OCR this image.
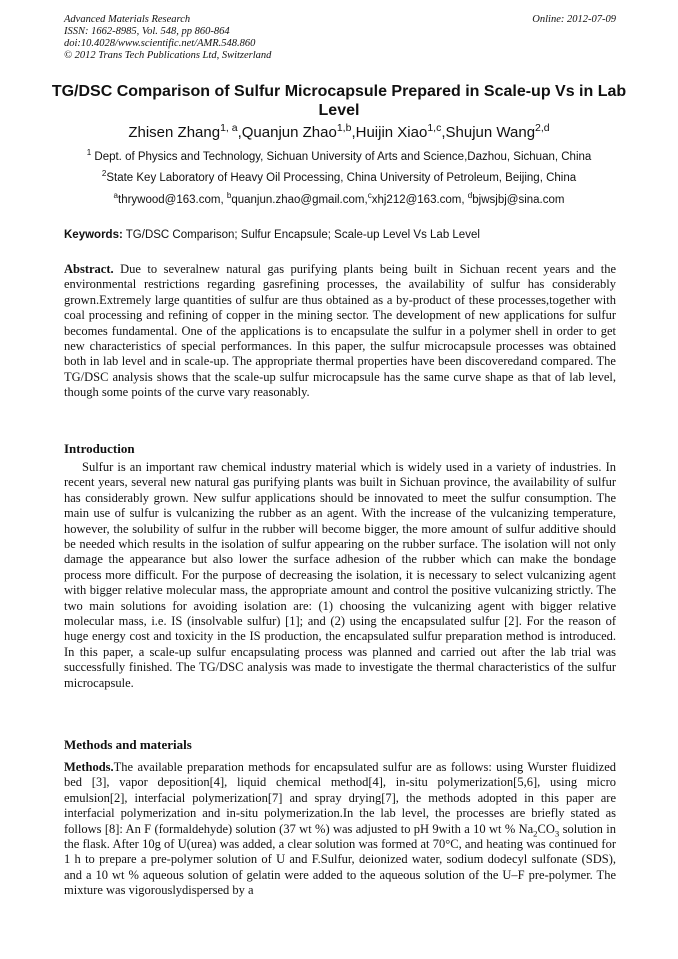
Advanced Materials Research
ISSN: 1662-8985, Vol. 548, pp 860-864
doi:10.4028/www.scientific.net/AMR.548.860
© 2012 Trans Tech Publications Ltd, Switzerland
Online: 2012-07-09
TG/DSC Comparison of Sulfur Microcapsule Prepared in Scale-up Vs in Lab Level
Zhisen Zhang$^{1, a}$,Quanjun Zhao$^{1,b}$,Huijin Xiao$^{1,c}$,Shujun Wang$^{2,d}$
$^1$ Dept. of Physics and Technology, Sichuan University of Arts and Science,Dazhou, Sichuan, China
$^2$State Key Laboratory of Heavy Oil Processing, China University of Petroleum, Beijing, China
$^a$thrywood@163.com, $^b$quanjun.zhao@gmail.com,$^c$xhj212@163.com, $^d$bjwsjbj@sina.com
Keywords: TG/DSC Comparison; Sulfur Encapsule; Scale-up Level Vs Lab Level

Abstract. Due to severalnew natural gas purifying plants being built in Sichuan recent years and the environmental restrictions regarding gasrefining processes, the availability of sulfur has considerably grown.Extremely large quantities of sulfur are thus obtained as a by-product of these processes,together with coal processing and refining of copper in the mining sector. The development of new applications for sulfur becomes fundamental. One of the applications is to encapsulate the sulfur in a polymer shell in order to get new characteristics of special performances. In this paper, the sulfur microcapsule processes was obtained both in lab level and in scale-up. The appropriate thermal properties have been discoveredand compared. The TG/DSC analysis shows that the scale-up sulfur microcapsule has the same curve shape as that of lab level, though some points of the curve vary reasonably.

Introduction

Sulfur is an important raw chemical industry material which is widely used in a variety of industries. In recent years, several new natural gas purifying plants was built in Sichuan province, the availability of sulfur has considerably grown. New sulfur applications should be innovated to meet the sulfur consumption. The main use of sulfur is vulcanizing the rubber as an agent. With the increase of the vulcanizing temperature, however, the solubility of sulfur in the rubber will become bigger, the more amount of sulfur additive should be needed which results in the isolation of sulfur appearing on the rubber surface. The isolation will not only damage the appearance but also lower the surface adhesion of the rubber which can make the bondage process more difficult. For the purpose of decreasing the isolation, it is necessary to select vulcanizing agent with bigger relative molecular mass, the appropriate amount and control the positive vulcanizing strictly. The two main solutions for avoiding isolation are: (1) choosing the vulcanizing agent with bigger relative molecular mass, i.e. IS (insolvable sulfur) [1]; and (2) using the encapsulated sulfur [2]. For the reason of huge energy cost and toxicity in the IS production, the encapsulated sulfur preparation method is introduced. In this paper, a scale-up sulfur encapsulating process was planned and carried out after the lab trial was successfully finished. The TG/DSC analysis was made to investigate the thermal characteristics of the sulfur microcapsule.

Methods and materials

Methods.The available preparation methods for encapsulated sulfur are as follows: using Wurster fluidized bed [3], vapor deposition[4], liquid chemical method[4], in-situ polymerization[5,6], using micro emulsion[2], interfacial polymerization[7] and spray drying[7], the methods adopted in this paper are interfacial polymerization and in-situ polymerization.In the lab level, the processes are briefly stated as follows [8]: An F (formaldehyde) solution (37 wt %) was adjusted to pH 9with a 10 wt % $Na_2CO_3$ solution in the flask. After 10g of U(urea) was added, a clear solution was formed at 70°C, and heating was continued for 1 h to prepare a pre-polymer solution of U and F.Sulfur, deionized water, sodium dodecyl sulfonate (SDS), and a 10 wt % aqueous solution of gelatin were added to the aqueous solution of the U–F pre-polymer. The mixture was vigorouslydispersed by a
